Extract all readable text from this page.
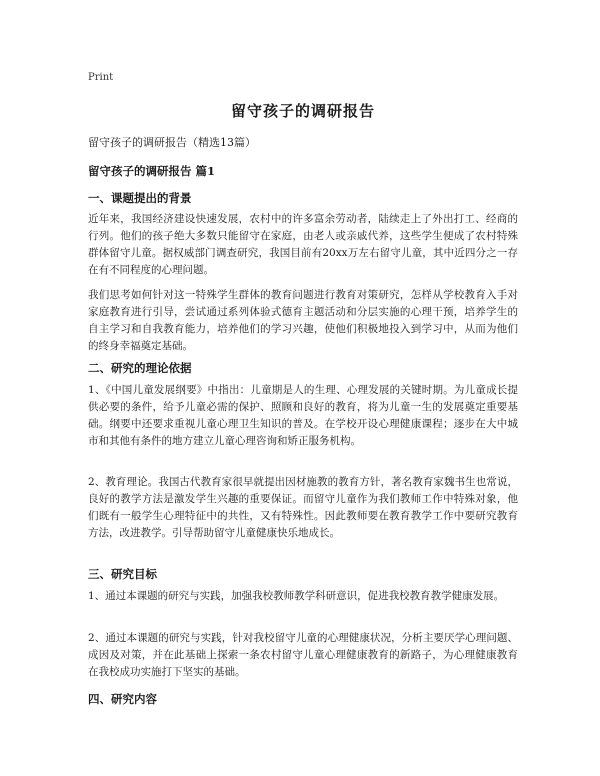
Print
留守孩子的调研报告
留守孩子的调研报告（精选13篇）
留守孩子的调研报告 篇1
一、课题提出的背景
近年来，我国经济建设快速发展，农村中的许多富余劳动者，陆续走上了外出打工、经商的行列。他们的孩子绝大多数只能留守在家庭，由老人或亲戚代养，这些学生便成了农村特殊群体留守儿童。据权威部门调查研究，我国目前有20xx万左右留守儿童，其中近四分之一存在有不同程度的心理问题。
我们思考如何针对这一特殊学生群体的教育问题进行教育对策研究，怎样从学校教育入手对家庭教育进行引导，尝试通过系列体验式德育主题活动和分层实施的心理干预，培养学生的自主学习和自我教育能力，培养他们的学习兴趣，使他们积极地投入到学习中，从而为他们的终身幸福奠定基础。
二、研究的理论依据
1、《中国儿童发展纲要》中指出：儿童期是人的生理、心理发展的关键时期。为儿童成长提供必要的条件，给予儿童必需的保护、照顾和良好的教育，将为儿童一生的发展奠定重要基础。纲要中还要求重视儿童心理卫生知识的普及。在学校开设心理健康课程；逐步在大中城市和其他有条件的地方建立儿童心理咨询和矫正服务机构。
2、教育理论。我国古代教育家很早就提出因材施教的教育方针，著名教育家魏书生也常说，良好的教学方法是激发学生兴趣的重要保证。而留守儿童作为我们教师工作中特殊对象，他们既有一般学生心理特征中的共性，又有特殊性。因此教师要在教育教学工作中要研究教育方法，改进教学。引导帮助留守儿童健康快乐地成长。
三、研究目标
1、通过本课题的研究与实践，加强我校教师教学科研意识，促进我校教育教学健康发展。
2、通过本课题的研究与实践，针对我校留守儿童的心理健康状况，分析主要厌学心理问题、成因及对策，并在此基础上探索一条农村留守儿童心理健康教育的新路子，为心理健康教育在我校成功实施打下坚实的基础。
四、研究内容
